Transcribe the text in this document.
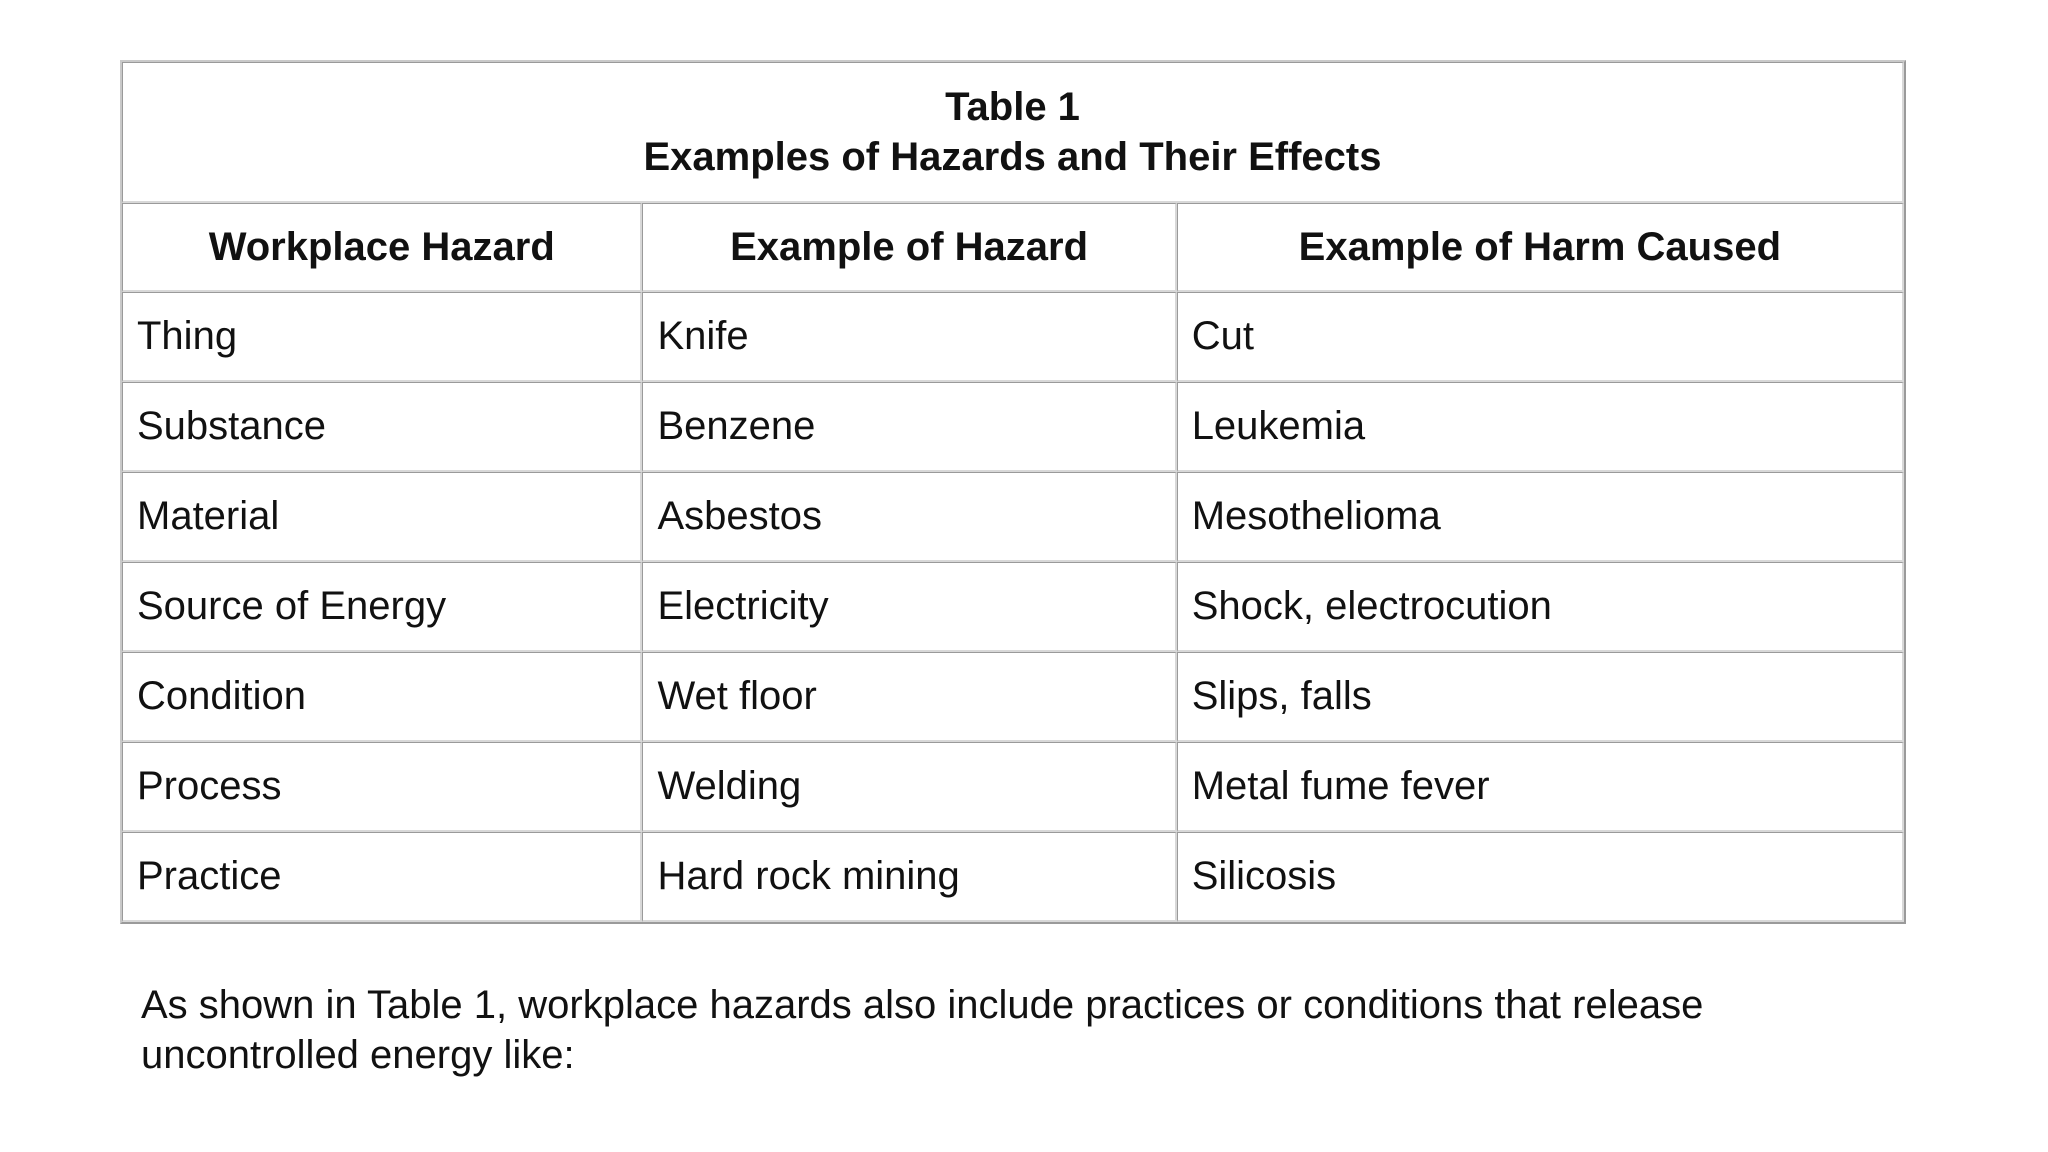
Table 1
Examples of Hazards and Their Effects		

Workplace Hazard	Example of Hazard	Example of Harm Caused
Thing	Knife	Cut
Substance	Benzene	Leukemia
Material	Asbestos	Mesothelioma
Source of Energy	Electricity	Shock, electrocution
Condition	Wet floor	Slips, falls
Process	Welding	Metal fume fever
Practice	Hard rock mining	Silicosis

As shown in Table 1, workplace hazards also include practices or conditions that release uncontrolled energy like:
